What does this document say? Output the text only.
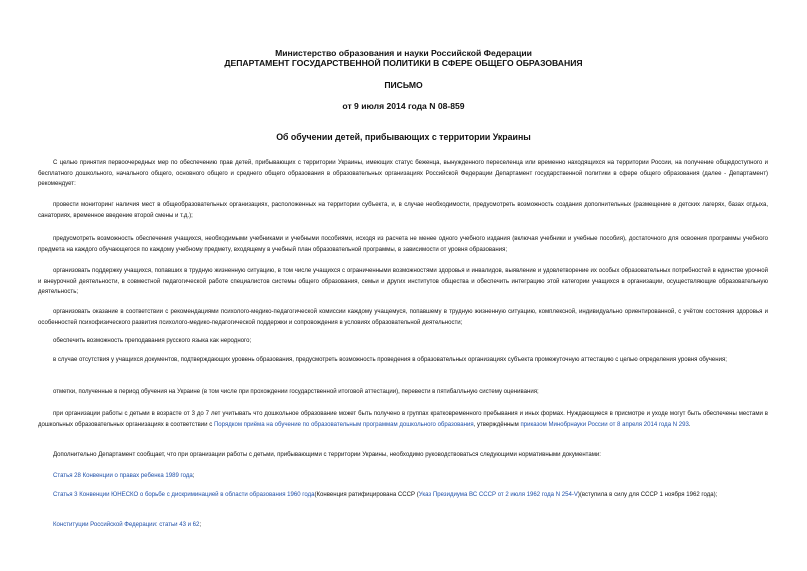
Министерство образования и науки Российской Федерации
ДЕПАРТАМЕНТ ГОСУДАРСТВЕННОЙ ПОЛИТИКИ В СФЕРЕ ОБЩЕГО ОБРАЗОВАНИЯ
ПИСЬМО
от 9 июля 2014 года N 08-859
Об обучении детей, прибывающих с территории Украины

С целью принятия первоочередных мер по обеспечению прав детей, прибывающих с территории Украины, имеющих статус беженца, вынужденного переселенца или временно находящихся на территории России, на получение общедоступного и бесплатного дошкольного, начального общего, основного общего и среднего общего образования в образовательных организациях Российской Федерации Департамент государственной политики в сфере общего образования (далее - Департамент) рекомендует:

провести мониторинг наличия мест в общеобразовательных организациях, расположенных на территории субъекта, и, в случае необходимости, предусмотреть возможность создания дополнительных (размещение в детских лагерях, базах отдыха, санаториях, временное введение второй смены и т.д.);

предусмотреть возможность обеспечения учащихся, необходимыми учебниками и учебными пособиями, исходя из расчета не менее одного учебного издания (включая учебники и учебные пособия), достаточного для освоения программы учебного предмета на каждого обучающегося по каждому учебному предмету, входящему в учебный план образовательной программы, в зависимости от уровня образования;

организовать поддержку учащихся, попавших в трудную жизненную ситуацию, в том числе учащихся с ограниченными возможностями здоровья и инвалидов, выявление и удовлетворение их особых образовательных потребностей в единстве урочной и внеурочной деятельности, в совместной педагогической работе специалистов системы общего образования, семьи и других институтов общества и обеспечить интеграцию этой категории учащихся в организации, осуществляющие образовательную деятельность;

организовать оказание в соответствии с рекомендациями психолого-медико-педагогической комиссии каждому учащемуся, попавшему в трудную жизненную ситуацию, комплексной, индивидуально ориентированной, с учётом состояния здоровья и особенностей психофизического развития психолого-медико-педагогической поддержки и сопровождения в условиях образовательной деятельности;

обеспечить возможность преподавания русского языка как неродного;

в случае отсутствия у учащихся документов, подтверждающих уровень образования, предусмотреть возможность проведения в образовательных организациях субъекта промежуточную аттестацию с целью определения уровня обучения;

отметки, полученные в период обучения на Украине (в том числе при прохождении государственной итоговой аттестации), перевести в пятибалльную систему оценивания;

при организации работы с детьми в возрасте от 3 до 7 лет учитывать что дошкольное образование может быть получено в группах кратковременного пребывания и иных формах. Нуждающиеся в присмотре и уходе могут быть обеспечены местами в дошкольных образовательных организациях в соответствии с Порядком приёма на обучение по образовательным программам дошкольного образования, утверждённым приказом Минобрнауки России от 8 апреля 2014 года N 293.

Дополнительно Департамент сообщает, что при организации работы с детьми, прибывающими с территории Украины, необходимо руководствоваться следующими нормативными документами:

Статья 28 Конвенции о правах ребенка 1989 года;

Статья 3 Конвенции ЮНЕСКО о борьбе с дискриминацией в области образования 1960 года(Конвенция ратифицирована СССР (Указ Президиума ВС СССР от 2 июля 1962 года N 254-V)(вступила в силу для СССР 1 ноября 1962 года);

Конституции Российской Федерации: статьи 43 и 62;
